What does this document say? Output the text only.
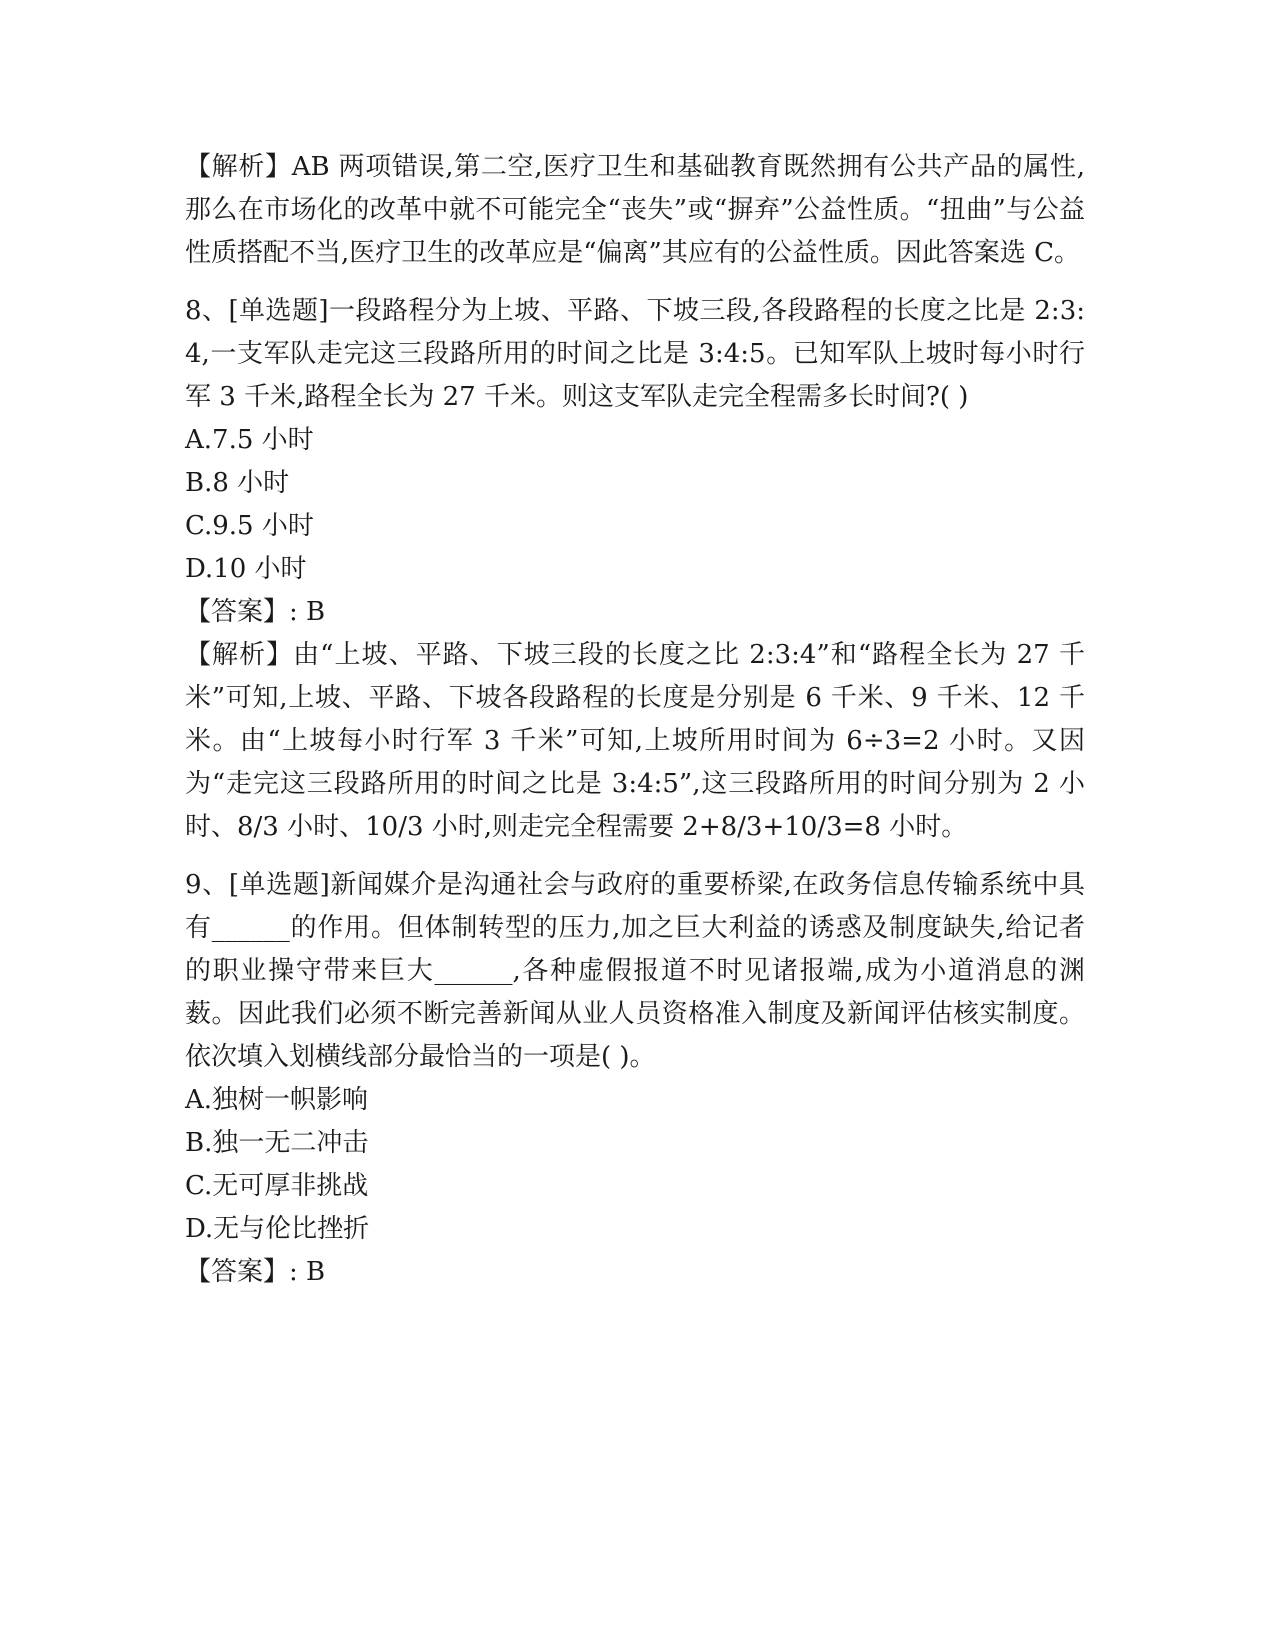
【解析】AB 两项错误,第二空,医疗卫生和基础教育既然拥有公共产品的属性,那么在市场化的改革中就不可能完全“丧失”或“摒弃”公益性质。“扭曲”与公益性质搭配不当,医疗卫生的改革应是“偏离”其应有的公益性质。因此答案选 C。

8、[单选题]一段路程分为上坡、平路、下坡三段,各段路程的长度之比是 2:3:4,一支军队走完这三段路所用的时间之比是 3:4:5。已知军队上坡时每小时行军 3 千米,路程全长为 27 千米。则这支军队走完全程需多长时间?( )

A.7.5 小时

B.8 小时

C.9.5 小时

D.10 小时

【答案】: B

【解析】由“上坡、平路、下坡三段的长度之比 2:3:4”和“路程全长为 27 千米”可知,上坡、平路、下坡各段路程的长度是分别是 6 千米、9 千米、12 千米。由“上坡每小时行军 3 千米”可知,上坡所用时间为 6÷3=2 小时。又因为“走完这三段路所用的时间之比是 3:4:5”,这三段路所用的时间分别为 2 小时、8/3 小时、10/3 小时,则走完全程需要 2+8/3+10/3=8 小时。

9、[单选题]新闻媒介是沟通社会与政府的重要桥梁,在政务信息传输系统中具有______的作用。但体制转型的压力,加之巨大利益的诱惑及制度缺失,给记者的职业操守带来巨大______,各种虚假报道不时见诸报端,成为小道消息的渊薮。因此我们必须不断完善新闻从业人员资格准入制度及新闻评估核实制度。依次填入划横线部分最恰当的一项是( )。

A.独树一帜影响

B.独一无二冲击

C.无可厚非挑战

D.无与伦比挫折

【答案】: B
